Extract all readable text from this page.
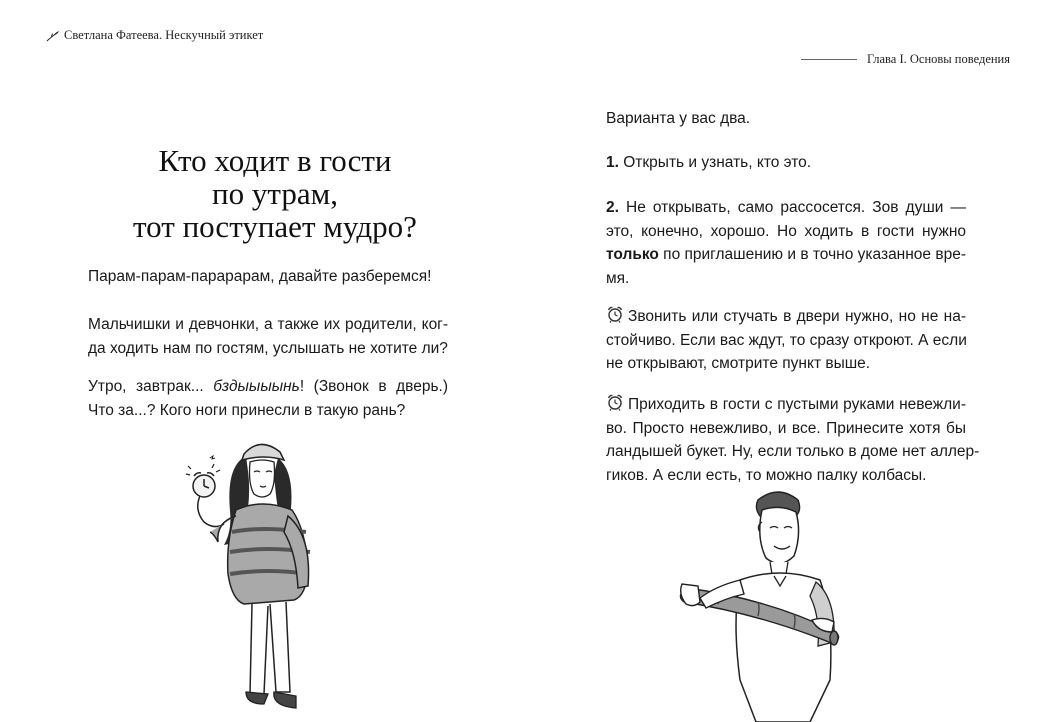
Светлана Фатеева. Нескучный этикет
Кто ходит в гости
по утрам,
тот поступает мудро?

Парам-парам-парарарам, давайте разберемся!

Мальчишки и девчонки, а также их родители, ког-
да ходить нам по гостям, услышать не хотите ли?

Утро, завтрак... бздыыыынь! (Звонок в дверь.)
Что за...? Кого ноги принесли в такую рань?

Глава I. Основы поведения

Варианта у вас два.

1. Открыть и узнать, кто это.

2. Не открывать, само рассосется. Зов души —
это, конечно, хорошо. Но ходить в гости нужно
только по приглашению и в точно указанное вре-
мя.

Звонить или стучать в двери нужно, но не на-
стойчиво. Если вас ждут, то сразу откроют. А если
не открывают, смотрите пункт выше.

Приходить в гости с пустыми руками невежли-
во. Просто невежливо, и все. Принесите хотя бы
ландышей букет. Ну, если только в доме нет аллер-
гиков. А если есть, то можно палку колбасы.
